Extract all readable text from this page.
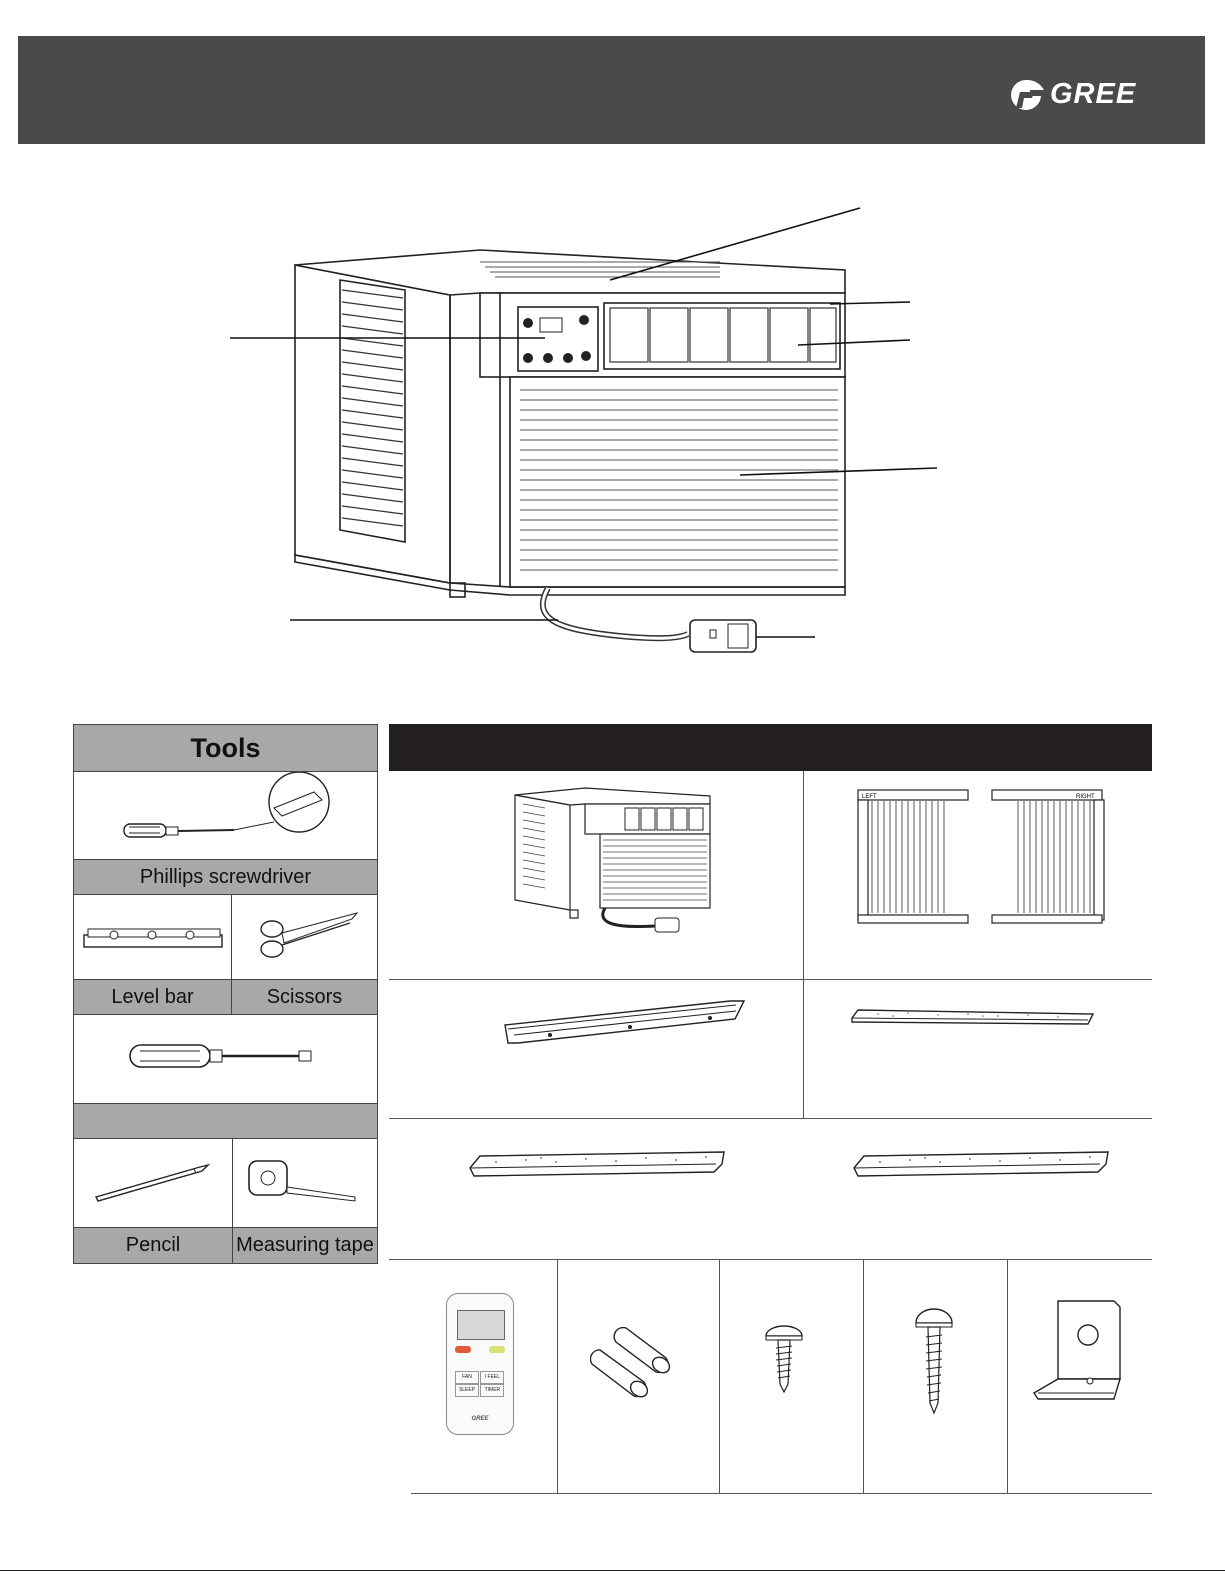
GREE
Tools
Phillips screwdriver
Level bar	Scissors
Pencil	Measuring tape
LEFT	RIGHT
FAN	I FEEL SLEEP TIMER
GREE
